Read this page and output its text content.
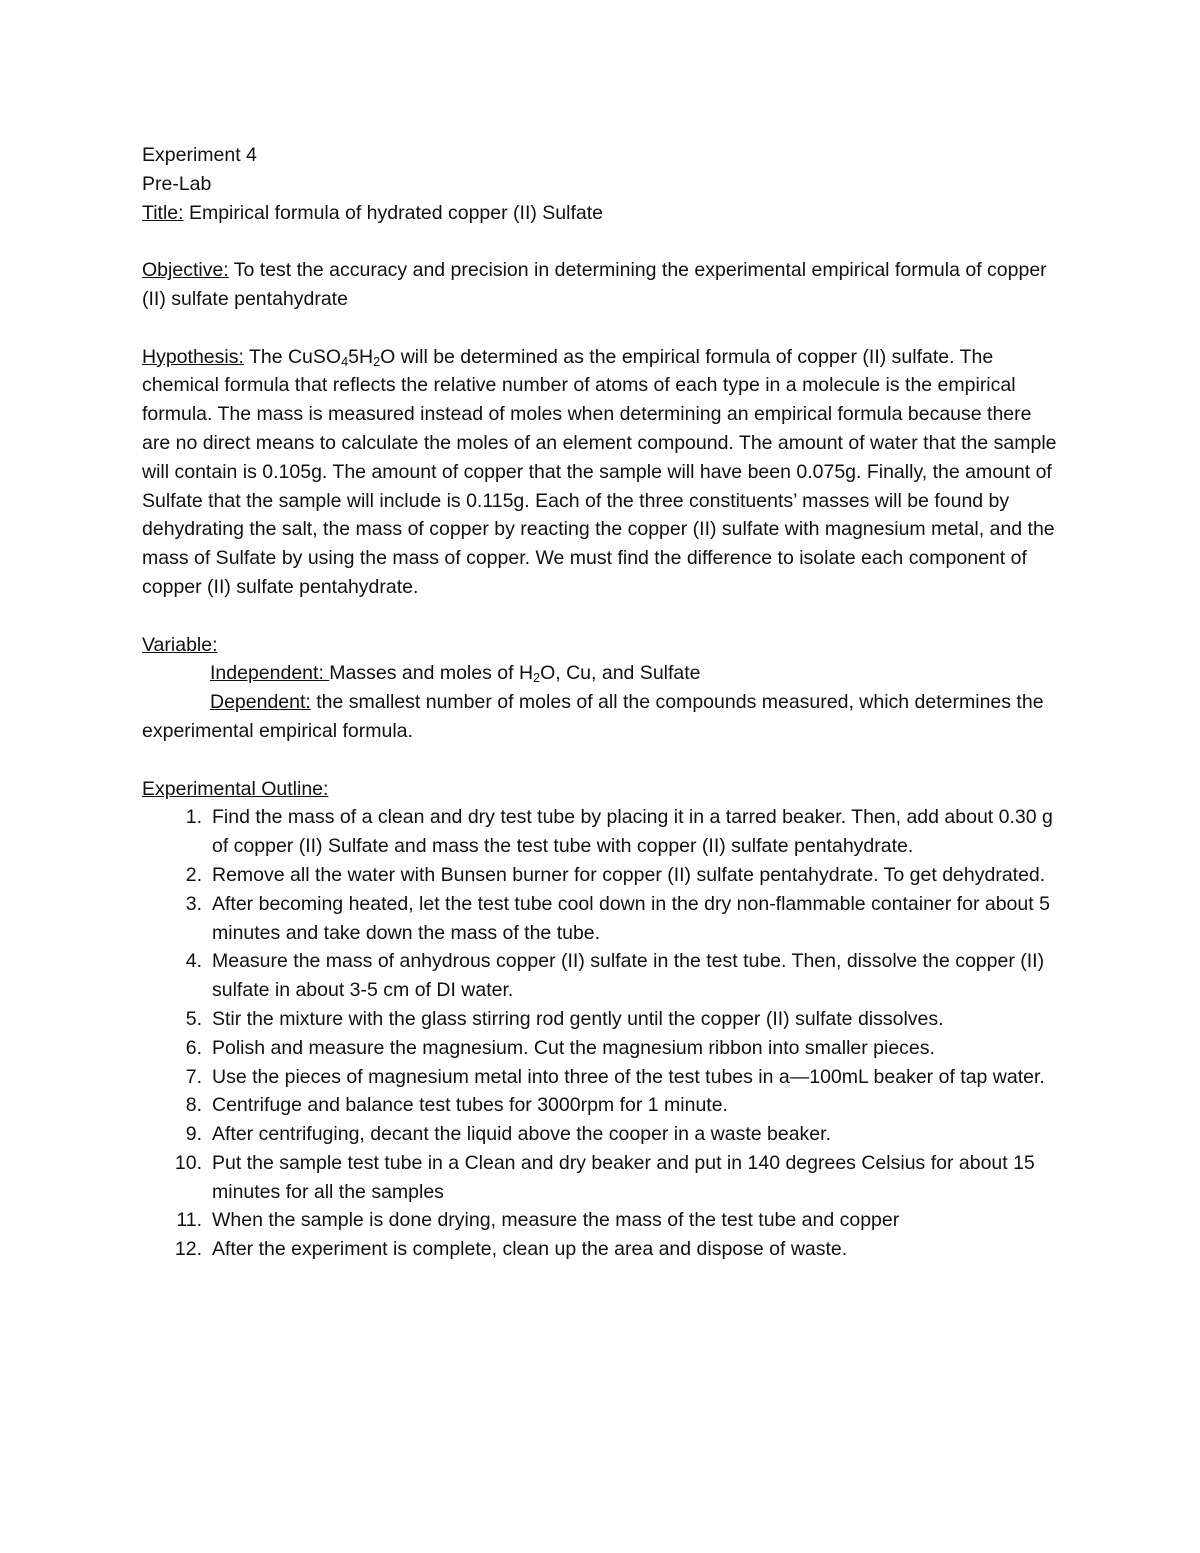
Experiment 4

Pre-Lab

Title: Empirical formula of hydrated copper (II) Sulfate

Objective: To test the accuracy and precision in determining the experimental empirical formula of copper (II) sulfate pentahydrate

Hypothesis: The $CuSO_45H_2O$ will be determined as the empirical formula of copper (II) sulfate. The chemical formula that reflects the relative number of atoms of each type in a molecule is the empirical formula. The mass is measured instead of moles when determining an empirical formula because there are no direct means to calculate the moles of an element compound. The amount of water that the sample will contain is 0.105g. The amount of copper that the sample will have been 0.075g. Finally, the amount of Sulfate that the sample will include is 0.115g. Each of the three constituents’ masses will be found by dehydrating the salt, the mass of copper by reacting the copper (II) sulfate with magnesium metal, and the mass of Sulfate by using the mass of copper. We must find the difference to isolate each component of copper (II) sulfate pentahydrate.

Variable:

Independent: Masses and moles of $H_2O$, Cu, and Sulfate

Dependent: the smallest number of moles of all the compounds measured, which determines the experimental empirical formula.

Experimental Outline:

1. Find the mass of a clean and dry test tube by placing it in a tarred beaker. Then, add about 0.30 g of copper (II) Sulfate and mass the test tube with copper (II) sulfate pentahydrate.
2. Remove all the water with Bunsen burner for copper (II) sulfate pentahydrate. To get dehydrated.
3. After becoming heated, let the test tube cool down in the dry non-flammable container for about 5 minutes and take down the mass of the tube.
4. Measure the mass of anhydrous copper (II) sulfate in the test tube. Then, dissolve the copper (II) sulfate in about 3-5 cm of DI water.
5. Stir the mixture with the glass stirring rod gently until the copper (II) sulfate dissolves.
6. Polish and measure the magnesium. Cut the magnesium ribbon into smaller pieces.
7. Use the pieces of magnesium metal into three of the test tubes in a—100mL beaker of tap water.
8. Centrifuge and balance test tubes for 3000rpm for 1 minute.
9. After centrifuging, decant the liquid above the cooper in a waste beaker.
10. Put the sample test tube in a Clean and dry beaker and put in 140 degrees Celsius for about 15 minutes for all the samples
11. When the sample is done drying, measure the mass of the test tube and copper
12. After the experiment is complete, clean up the area and dispose of waste.
